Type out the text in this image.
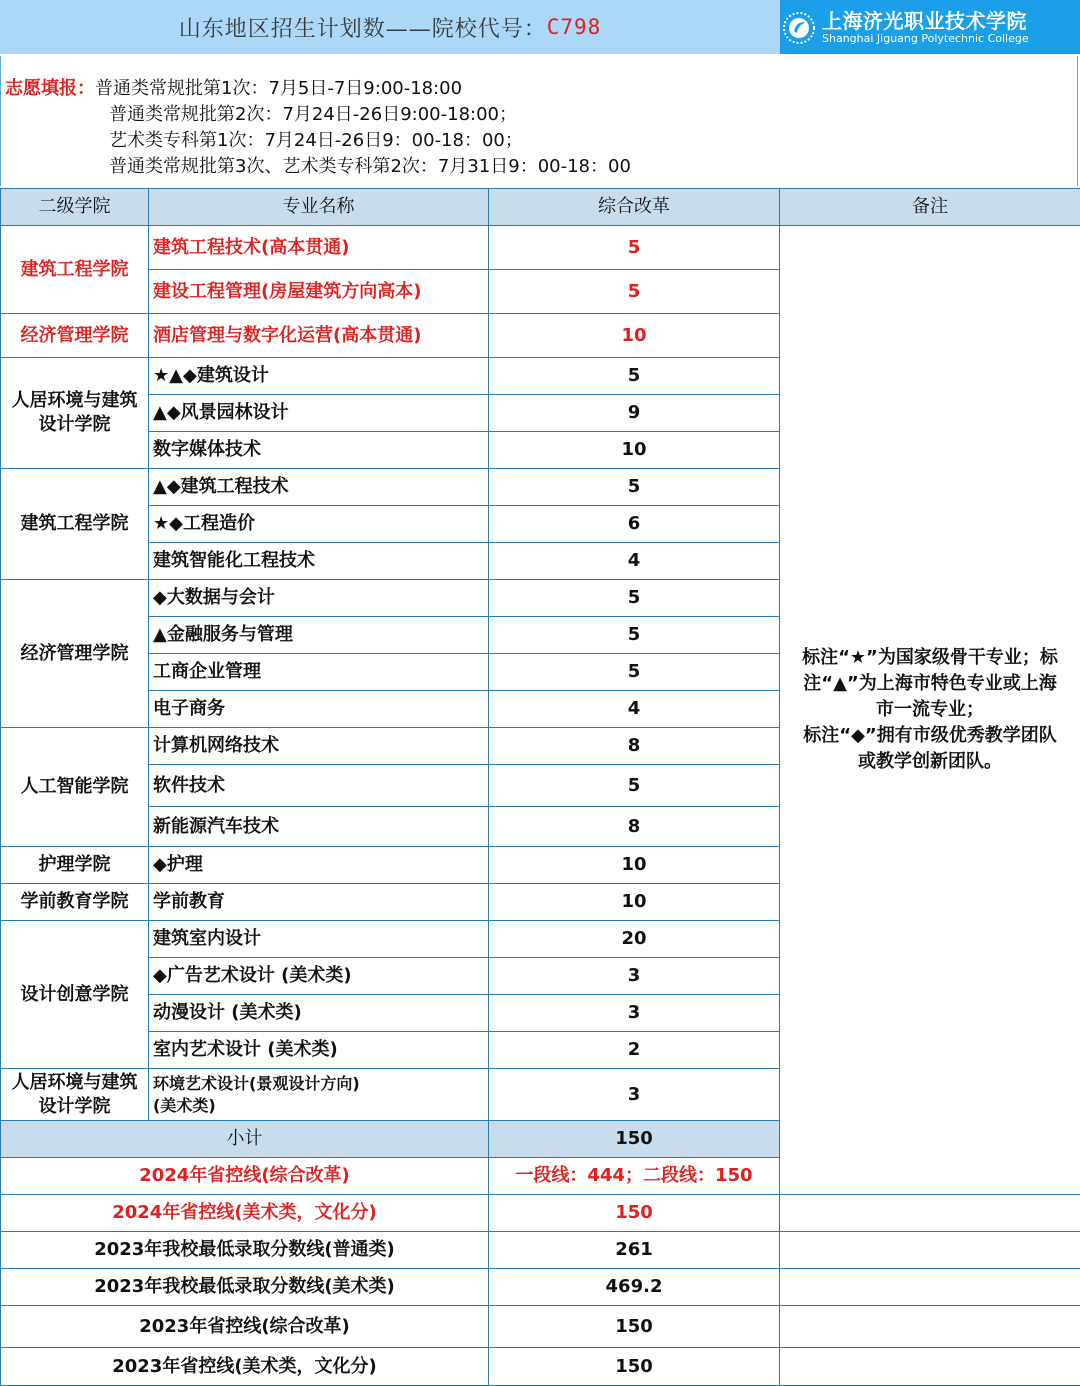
山东地区招生计划数——院校代号： C798	上海济光职业技术学院
Shanghai Jiguang Polytechnic College
志愿填报：普通类常规批第1次：7月5日-7日9:00-18:00
普通类常规批第2次：7月24日-26日9:00-18:00；
艺术类专科第1次：7月24日-26日9：00-18：00；
普通类常规批第3次、艺术类专科第2次：7月31日9：00-18：00
二级学院	专业名称	综合改革	备注	
建筑工程学院	建筑工程技术(高本贯通)	5	标注“★”为国家级骨干专业；标
注“▲”为上海市特色专业或上海
市一流专业；
标注“◆”拥有市级优秀教学团队
或教学创新团队。	

	建设工程管理(房屋建筑方向高本)	5		
经济管理学院	酒店管理与数字化运营(高本贯通)	10		
人居环境与建筑设计学院	★▲◆建筑设计	5		
	▲◆风景园林设计	9		
	数字媒体技术	10		
建筑工程学院	▲◆建筑工程技术	5		
	★◆工程造价	6		
	建筑智能化工程技术	4		
经济管理学院	◆大数据与会计	5		
	▲金融服务与管理	5		
	工商企业管理	5		
	电子商务	4		
人工智能学院	计算机网络技术	8		
	软件技术	5		
	新能源汽车技术	8		
护理学院	◆护理	10		
学前教育学院	学前教育	10		
设计创意学院	建筑室内设计	20		
	◆广告艺术设计 (美术类)	3		
	动漫设计 (美术类)	3		
	室内艺术设计 (美术类)	2		
人居环境与建筑设计学院	环境艺术设计(景观设计方向)
(美术类)	3		
小计		150		
2024年省控线(综合改革)		一段线：444；二段线：150		
2024年省控线(美术类，文化分)		150		
2023年我校最低录取分数线(普通类)		261		
2023年我校最低录取分数线(美术类)		469.2		
2023年省控线(综合改革)		150		
2023年省控线(美术类，文化分)		150		
